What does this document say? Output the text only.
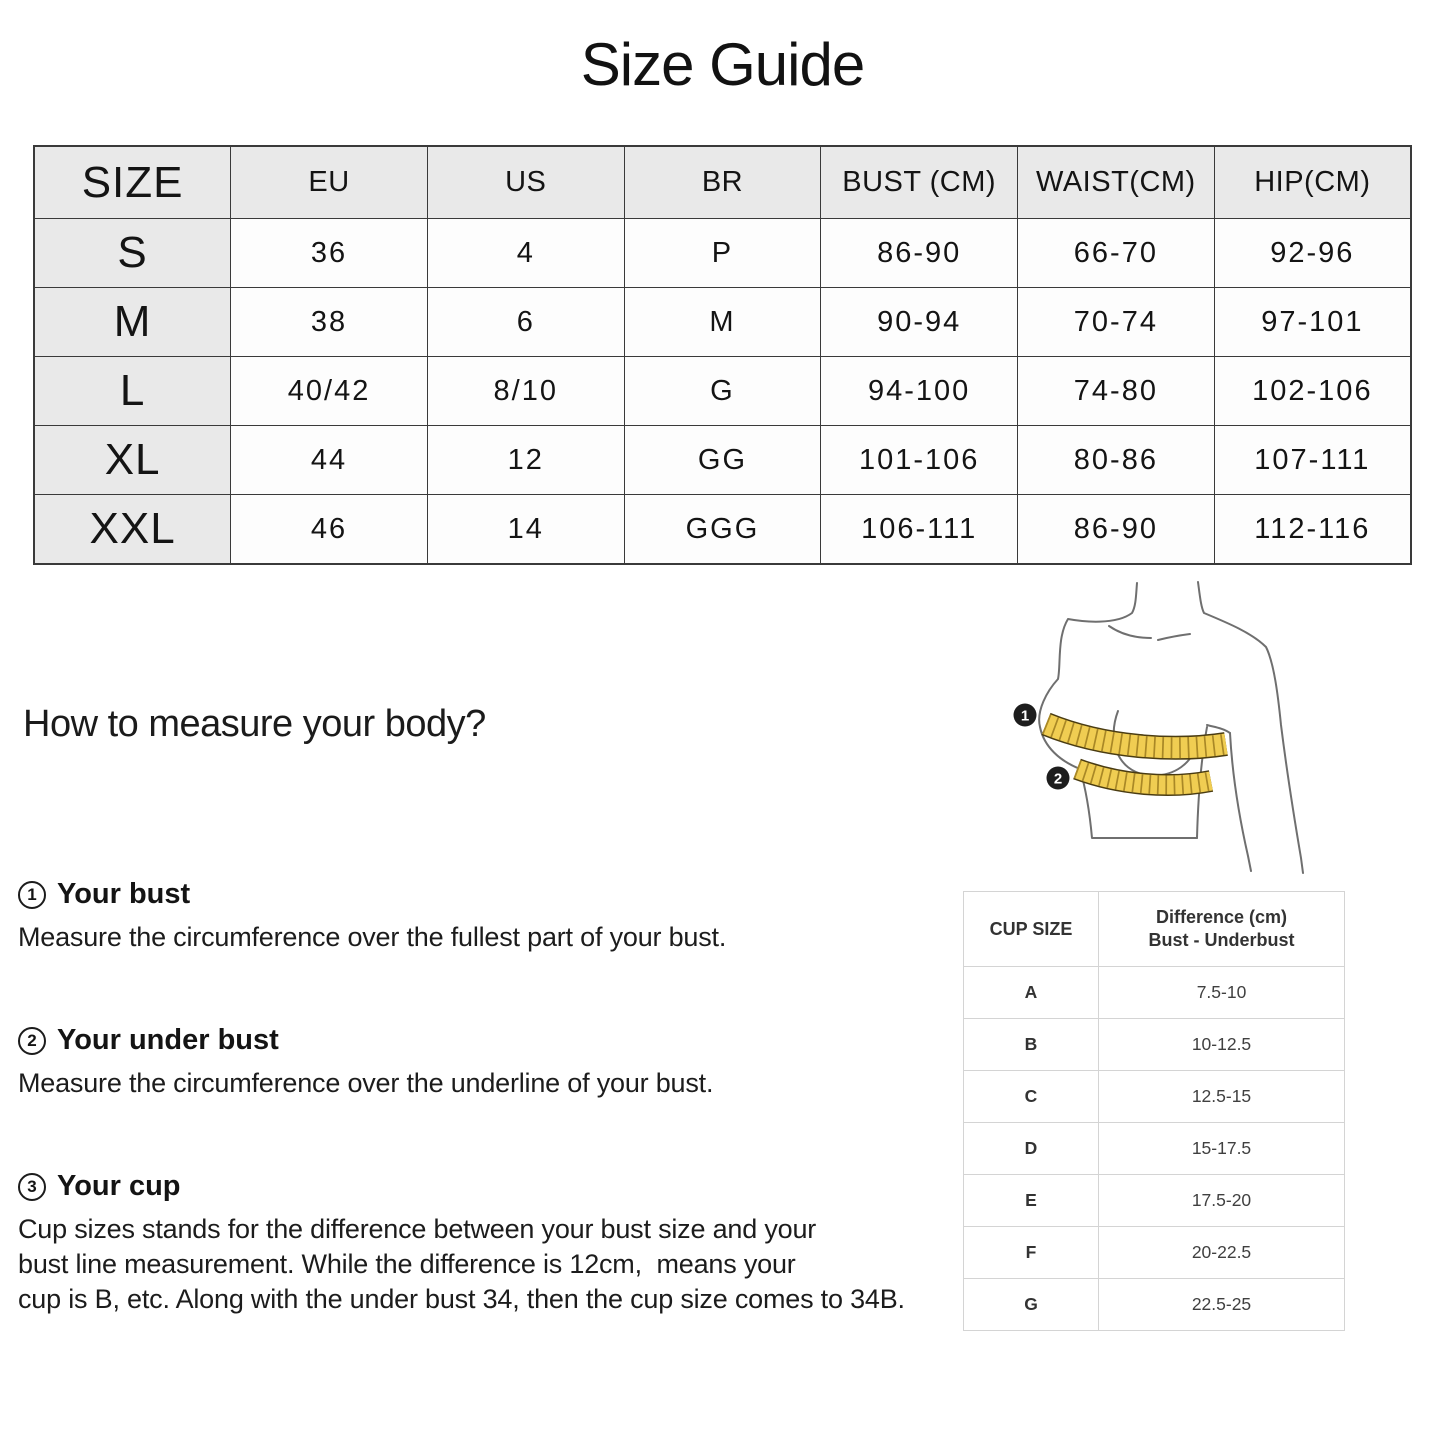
Size Guide
SIZE	EU	US	BR	BUST (CM)	WAIST(CM)	HIP(CM)
S	36	4	P	86-90	66-70	92-96
M	38	6	M	90-94	70-74	97-101
L	40/42	8/10	G	94-100	74-80	102-106
XL	44	12	GG	101-106	80-86	107-111
XXL	46	14	GGG	106-111	86-90	112-116
1
2
How to measure your body?
1 Your bust
Measure the circumference over the fullest part of your bust.
2 Your under bust
Measure the circumference over the underline of your bust.
3 Your cup
Cup sizes stands for the difference between your bust size and your
bust line measurement. While the difference is 12cm,  means your
cup is B, etc. Along with the under bust 34, then the cup size comes to 34B.
CUP SIZE	Difference (cm)
Bust - Underbust

A	7.5-10
B	10-12.5
C	12.5-15
D	15-17.5
E	17.5-20
F	20-22.5
G	22.5-25
